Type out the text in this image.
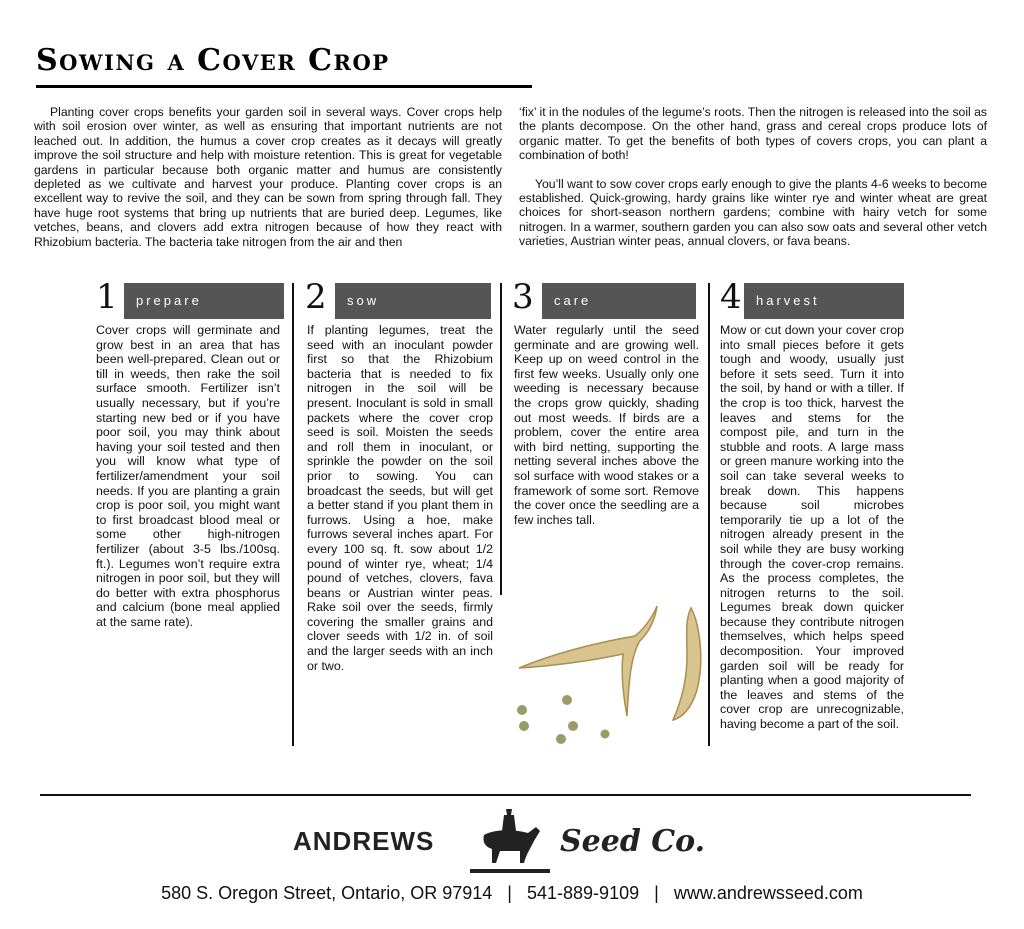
Sowing a Cover Crop

Planting cover crops benefits your garden soil in several ways. Cover crops help with soil erosion over winter, as well as ensuring that important nutrients are not leached out. In addition, the humus a cover crop creates as it decays will greatly improve the soil structure and help with moisture retention. This is great for vegetable gardens in particular because both organic matter and humus are consistently depleted as we cultivate and harvest your produce. Planting cover crops is an excellent way to revive the soil, and they can be sown from spring through fall. They have huge root systems that bring up nutrients that are buried deep. Legumes, like vetches, beans, and clovers add extra nitrogen because of how they react with Rhizobium bacteria. The bacteria take nitrogen from the air and then

‘fix’ it in the nodules of the legume’s roots. Then the nitrogen is released into the soil as the plants decompose. On the other hand, grass and cereal crops produce lots of organic matter. To get the benefits of both types of covers crops, you can plant a combination of both!

You’ll want to sow cover crops early enough to give the plants 4-6 weeks to become established. Quick-growing, hardy grains like winter rye and winter wheat are great choices for short-season northern gardens; combine with hairy vetch for some nitrogen. In a warmer, southern garden you can also sow oats and several other vetch varieties, Austrian winter peas, annual clovers, or fava beans.

1	prepare
Cover crops will germinate and grow best in an area that has been well-prepared. Clean out or till in weeds, then rake the soil surface smooth. Fertilizer isn’t usually necessary, but if you’re starting new bed or if you have poor soil, you may think about having your soil tested and then you will know what type of fertilizer/amendment your soil needs. If you are planting a grain crop is poor soil, you might want to first broadcast blood meal or some other high-nitrogen fertilizer (about 3-5 lbs./100sq. ft.). Legumes won’t require extra nitrogen in poor soil, but they will do better with extra phosphorus and calcium (bone meal applied at the same rate).
2	sow
If planting legumes, treat the seed with an inoculant powder first so that the Rhizobium bacteria that is needed to fix nitrogen in the soil will be present. Inoculant is sold in small packets where the cover crop seed is soil. Moisten the seeds and roll them in inoculant, or sprinkle the powder on the soil prior to sowing. You can broadcast the seeds, but will get a better stand if you plant them in furrows. Using a hoe, make furrows several inches apart. For every 100 sq. ft. sow about 1/2 pound of winter rye, wheat; 1/4 pound of vetches, clovers, fava beans or Austrian winter peas. Rake soil over the seeds, firmly covering the smaller grains and clover seeds with 1/2 in. of soil and the larger seeds with an inch or two.
3	care
Water regularly until the seed germinate and are growing well. Keep up on weed control in the first few weeks. Usually only one weeding is necessary because the crops grow quickly, shading out most weeds. If birds are a problem, cover the entire area with bird netting, supporting the netting several inches above the sol surface with wood stakes or a framework of some sort. Remove the cover once the seedling are a few inches tall.
4	harvest
Mow or cut down your cover crop into small pieces before it gets tough and woody, usually just before it sets seed. Turn it into the soil, by hand or with a tiller. If the crop is too thick, harvest the leaves and stems for the compost pile, and turn in the stubble and roots. A large mass or green manure working into the soil can take several weeks to break down. This happens because soil microbes temporarily tie up a lot of the nitrogen already present in the soil while they are busy working through the cover-crop remains. As the process completes, the nitrogen returns to the soil. Legumes break down quicker because they contribute nitrogen themselves, which helps speed decomposition. Your improved garden soil will be ready for planting when a good majority of the leaves and stems of the cover crop are unrecognizable, having become a part of the soil.
ANDREWS	Seed Co.
580 S. Oregon Street, Ontario, OR 97914 | 541-889-9109 | www.andrewsseed.com
